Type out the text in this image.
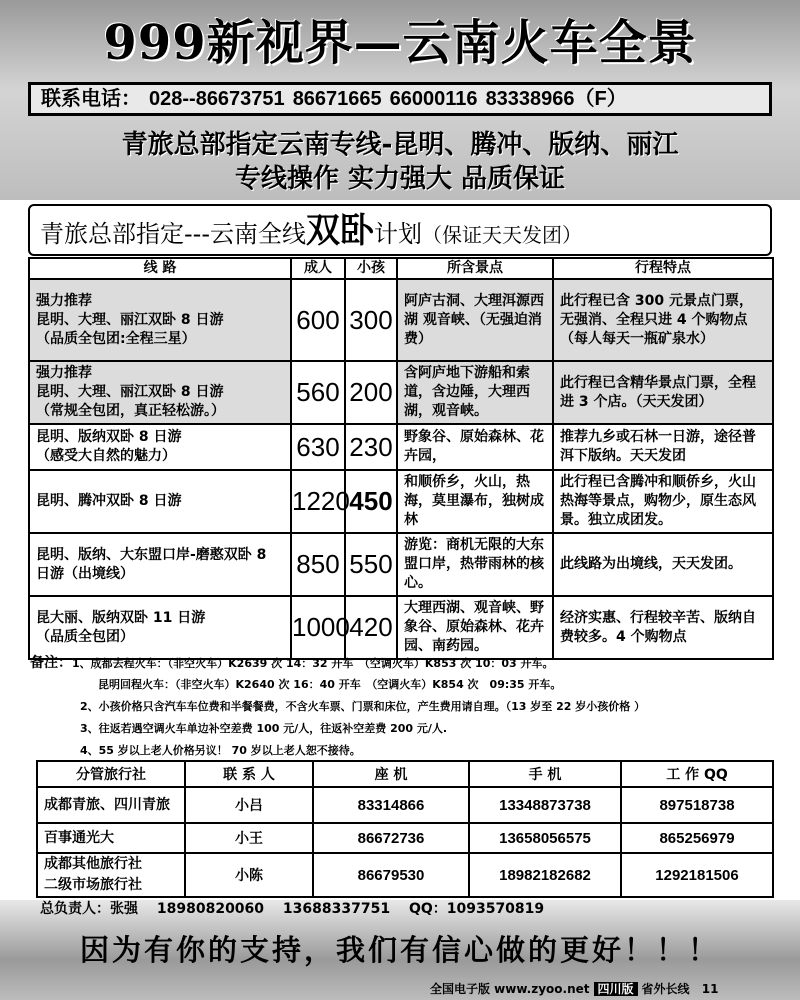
999新视界—云南火车全景
联系电话： 028--86673751 86671665 66000116 83338966（F）
青旅总部指定云南专线-昆明、腾冲、版纳、丽江
专线操作 实力强大 品质保证
青旅总部指定---云南全线双卧计划（保证天天发团）
线 路	成人	小孩	所含景点	行程特点

强力推荐
昆明、大理、丽江双卧 8 日游
（品质全包团:全程三星）	600	300	阿庐古洞、大理洱源西湖 观音峡、（无强迫消费）	此行程已含 300 元景点门票，无强消、全程只进 4 个购物点（每人每天一瓶矿泉水）

强力推荐
昆明、大理、丽江双卧 8 日游
（常规全包团，真正轻松游。）	560	200	含阿庐地下游船和索道，含边陲，大理西湖，观音峡。	此行程已含精华景点门票，全程进 3 个店。（天天发团）

昆明、版纳双卧 8 日游
（感受大自然的魅力）	630	230	野象谷、原始森林、花卉园，	推荐九乡或石林一日游，途径普洱下版纳。天天发团

昆明、腾冲双卧 8 日游	1220	450	和顺侨乡，火山，热海，莫里瀑布，独树成林	此行程已含腾冲和顺侨乡，火山热海等景点，购物少，原生态风景。独立成团发。

昆明、版纳、大东盟口岸-磨憨双卧 8 日游（出境线）	850	550	游览：商机无限的大东盟口岸，热带雨林的核心。	此线路为出境线，天天发团。

昆大丽、版纳双卧 11 日游
（品质全包团）	1000	420	大理西湖、观音峡、野象谷、原始森林、花卉园、南药园。	经济实惠、行程较辛苦、版纳自费较多。4 个购物点
备注：1、成都去程火车：（非空火车）K2639 次 14：32 开车　（空调火车）K853 次 10：03 开车。
昆明回程火车：（非空火车）K2640 次 16：40 开车　（空调火车）K854 次　09:35 开车。
2、小孩价格只含汽车车位费和半餐餐费，不含火车票、门票和床位，产生费用请自理。（13 岁至 22 岁小孩价格 ）
3、往返若遇空调火车单边补空差费 100 元/人，往返补空差费 200 元/人.
4、55 岁以上老人价格另议！ 70 岁以上老人恕不接待。
分管旅行社	联 系 人	座 机	手 机	工 作 QQ
成都青旅、四川青旅	小吕	83314866	13348873738	897518738
百事通光大	小王	86672736	13658056575	865256979

成都其他旅行社
二级市场旅行社	小陈	86679530	18982182682	1292181506
总负责人：张强 18980820060 13688337751 QQ：1093570819
因为有你的支持，我们有信心做的更好！！！
全国电子版 www.zyoo.net 四川版 省外长线 11
